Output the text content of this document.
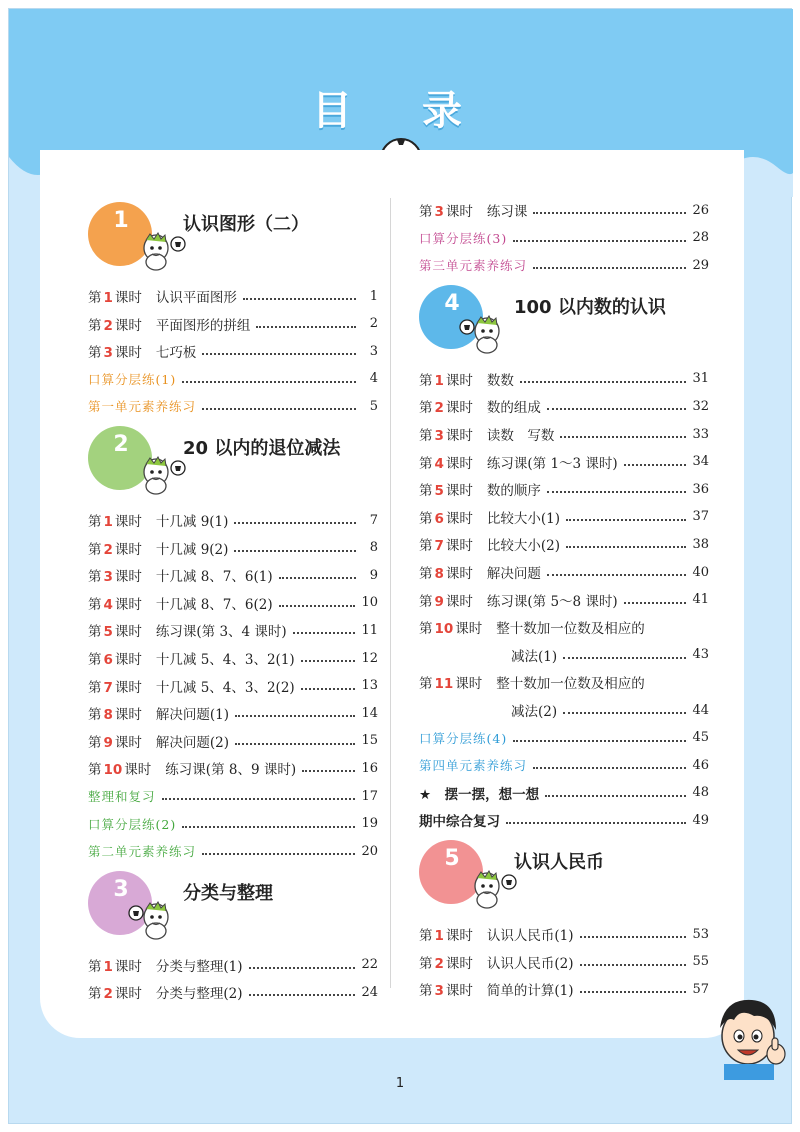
目 录
1	认识图形（二）
第 1 课时 认识平面图形	1
第 2 课时 平面图形的拼组	2
第 3 课时 七巧板	3
口算分层练(1)	4
第一单元素养练习	5
2	20 以内的退位减法
第 1 课时 十几减 9(1)	7
第 2 课时 十几减 9(2)	8
第 3 课时 十几减 8、7、6(1)	9
第 4 课时 十几减 8、7、6(2)	10
第 5 课时 练习课(第 3、4 课时)	11
第 6 课时 十几减 5、4、3、2(1)	12
第 7 课时 十几减 5、4、3、2(2)	13
第 8 课时 解决问题(1)	14
第 9 课时 解决问题(2)	15
第 10 课时 练习课(第 8、9 课时)	16
整理和复习	17
口算分层练(2)	19
第二单元素养练习	20
3	分类与整理
第 1 课时 分类与整理(1)	22
第 2 课时 分类与整理(2)	24
第 3 课时 练习课	26
口算分层练(3)	28
第三单元素养练习	29
4	100 以内数的认识
第 1 课时 数数	31
第 2 课时 数的组成	32
第 3 课时 读数　写数	33
第 4 课时 练习课(第 1～3 课时)	34
第 5 课时 数的顺序	36
第 6 课时 比较大小(1)	37
第 7 课时 比较大小(2)	38
第 8 课时 解决问题	40
第 9 课时 练习课(第 5～8 课时)	41
第 10 课时 整十数加一位数及相应的
减法(1)	43
第 11 课时 整十数加一位数及相应的
减法(2)	44
口算分层练(4)	45
第四单元素养练习	46
★　摆一摆，想一想	48
期中综合复习	49
5	认识人民币
第 1 课时 认识人民币(1)	53
第 2 课时 认识人民币(2)	55
第 3 课时 简单的计算(1)	57
1
